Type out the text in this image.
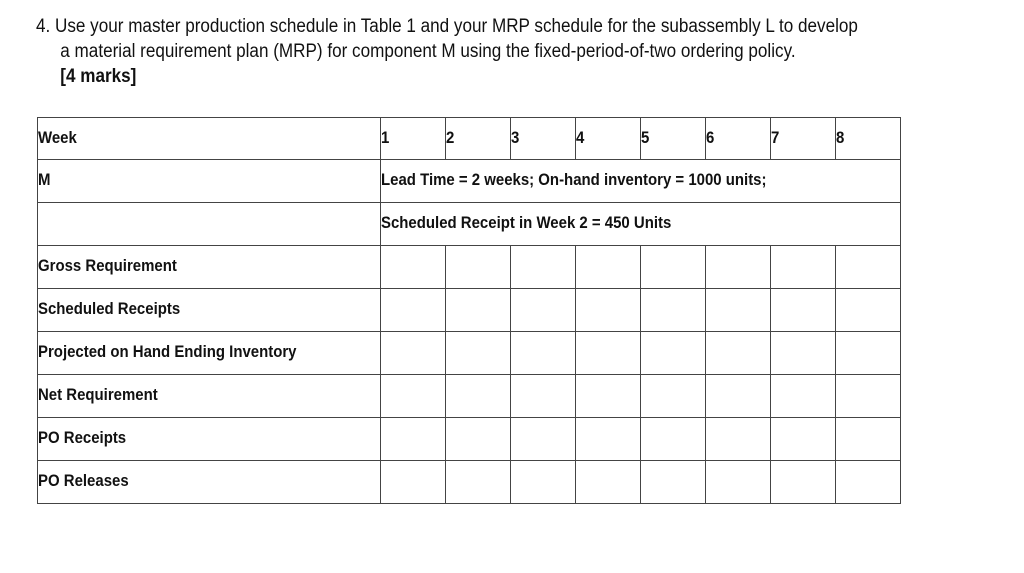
4. Use your master production schedule in Table 1 and your MRP schedule for the subassembly L to develop
a material requirement plan (MRP) for component M using the fixed-period-of-two ordering policy.
[4 marks]
Week	1	2	3	4	5	6	7	8
M	Lead Time = 2 weeks; On-hand inventory = 1000 units;							
	Scheduled Receipt in Week 2 = 450 Units							
Gross Requirement								
Scheduled Receipts								
Projected on Hand Ending Inventory								
Net Requirement								
PO Receipts								
PO Releases								
